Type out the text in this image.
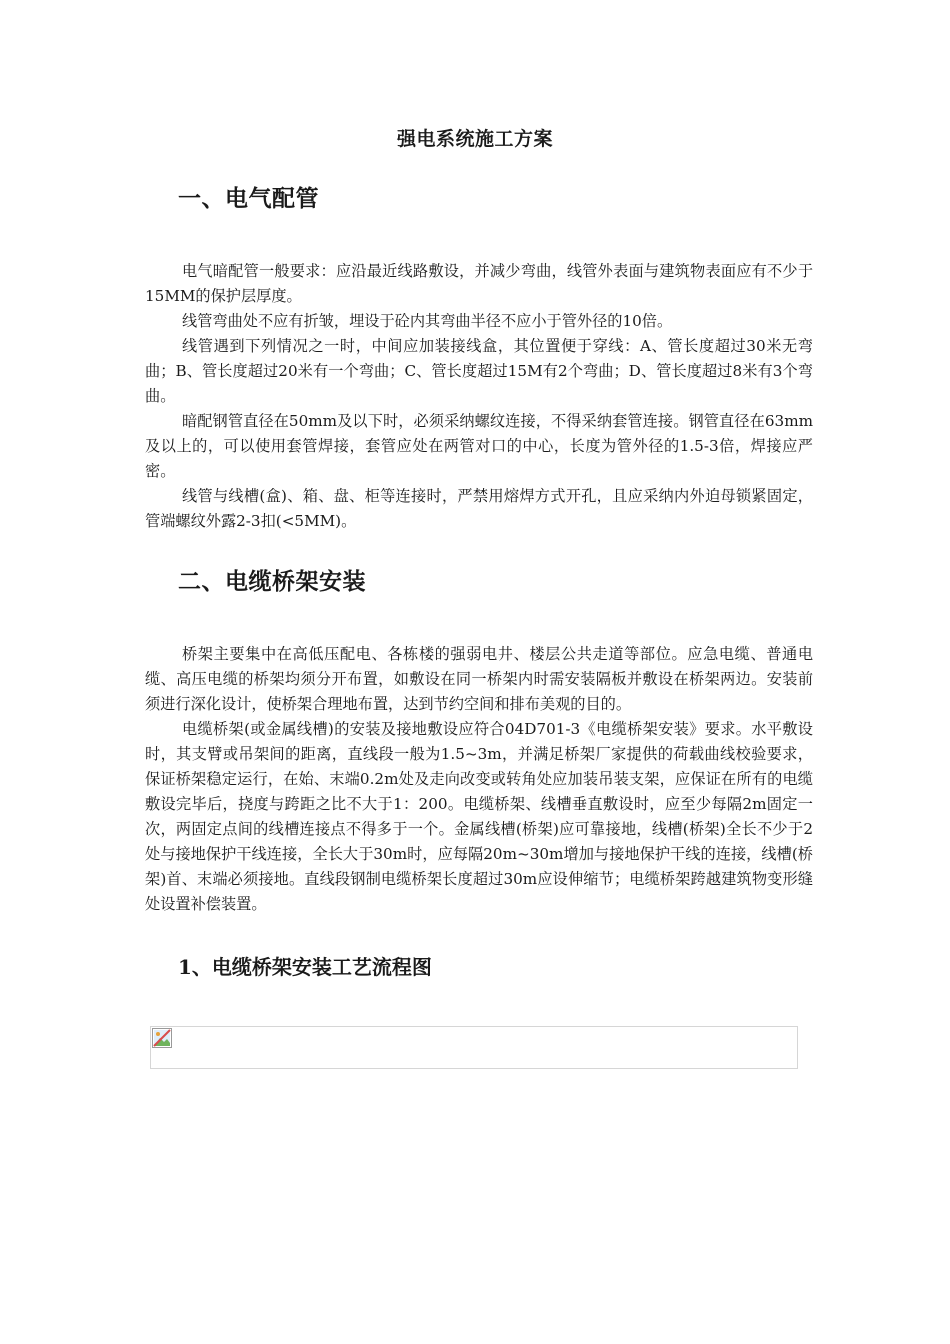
强电系统施工方案
一、电气配管

电气暗配管一般要求：应沿最近线路敷设，并减少弯曲，线管外表面与建筑物表面应有不少于15MM的保护层厚度。

线管弯曲处不应有折皱，埋设于砼内其弯曲半径不应小于管外径的10倍。

线管遇到下列情况之一时，中间应加装接线盒，其位置便于穿线：A、管长度超过30米无弯曲；B、管长度超过20米有一个弯曲；C、管长度超过15M有2个弯曲；D、管长度超过8米有3个弯曲。

暗配钢管直径在50mm及以下时，必须采纳螺纹连接，不得采纳套管连接。钢管直径在63mm及以上的，可以使用套管焊接，套管应处在两管对口的中心，长度为管外径的1.5-3倍，焊接应严密。

线管与线槽(盒)、箱、盘、柜等连接时，严禁用熔焊方式开孔，且应采纳内外迫母锁紧固定，管端螺纹外露2-3扣(<5MM)。

二、电缆桥架安装

桥架主要集中在高低压配电、各栋楼的强弱电井、楼层公共走道等部位。应急电缆、普通电缆、高压电缆的桥架均须分开布置，如敷设在同一桥架内时需安装隔板并敷设在桥架两边。安装前须进行深化设计，使桥架合理地布置，达到节约空间和排布美观的目的。

电缆桥架(或金属线槽)的安装及接地敷设应符合04D701-3《电缆桥架安装》要求。水平敷设时，其支臂或吊架间的距离，直线段一般为1.5~3m，并满足桥架厂家提供的荷载曲线校验要求，保证桥架稳定运行，在始、末端0.2m处及走向改变或转角处应加装吊装支架，应保证在所有的电缆敷设完毕后，挠度与跨距之比不大于1：200。电缆桥架、线槽垂直敷设时，应至少每隔2m固定一次，两固定点间的线槽连接点不得多于一个。金属线槽(桥架)应可靠接地，线槽(桥架)全长不少于2处与接地保护干线连接，全长大于30m时，应每隔20m~30m增加与接地保护干线的连接，线槽(桥架)首、末端必须接地。直线段钢制电缆桥架长度超过30m应设伸缩节；电缆桥架跨越建筑物变形缝处设置补偿装置。

1、电缆桥架安装工艺流程图
